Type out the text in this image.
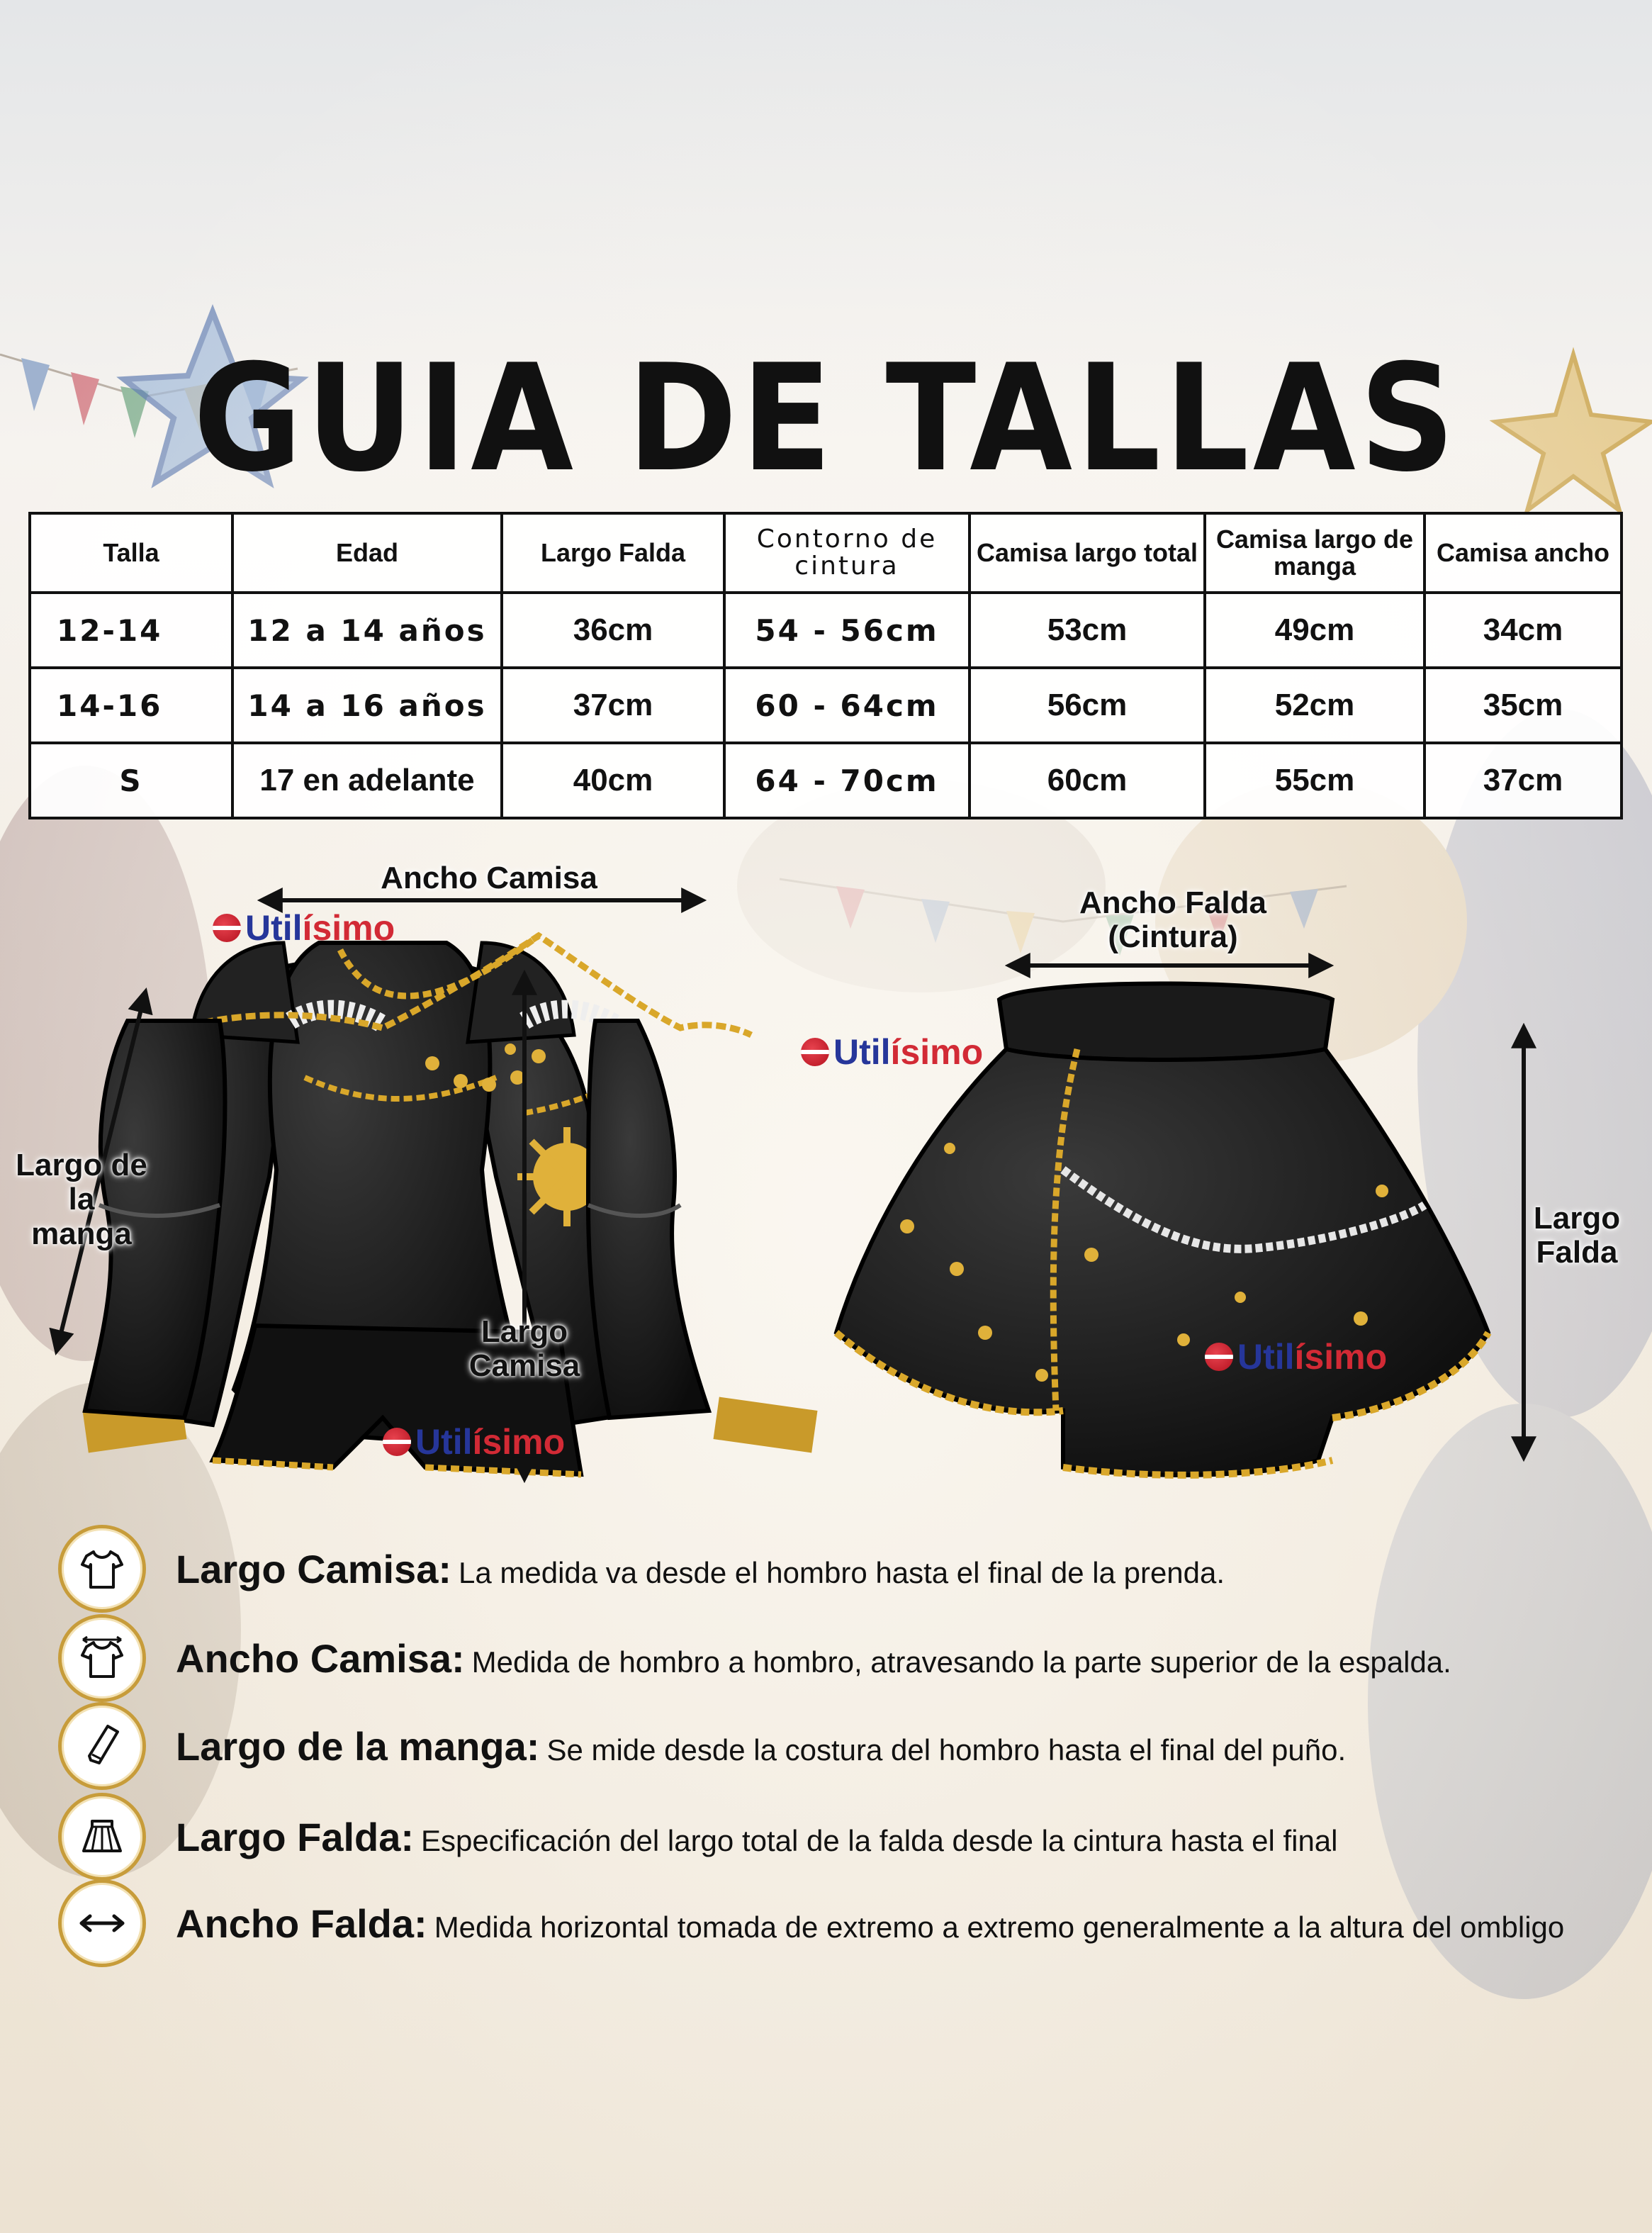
GUIA DE TALLAS
Talla	Edad	Largo Falda	Contorno de cintura	Camisa largo total	Camisa largo de manga	Camisa ancho
12-14	12 a 14 años	36cm	54 - 56cm	53cm	49cm	34cm
14-16	14 a 16 años	37cm	60 - 64cm	56cm	52cm	35cm
S	17 en adelante	40cm	64 - 70cm	60cm	55cm	37cm
Ancho Camisa
Largo de la manga
Largo Camisa
Ancho Falda (Cintura)
Largo Falda
Util ísimo
Util ísimo
Util ísimo
Util ísimo
Largo Camisa: La medida va desde el hombro hasta el final de la prenda.
Ancho Camisa: Medida de hombro a hombro, atravesando la parte superior de la espalda.
Largo de la manga: Se mide desde la costura del hombro hasta el final del puño.
Largo Falda: Especificación del largo total de la falda desde la cintura hasta el final
Ancho Falda: Medida horizontal tomada de extremo a extremo generalmente a la altura del ombligo
